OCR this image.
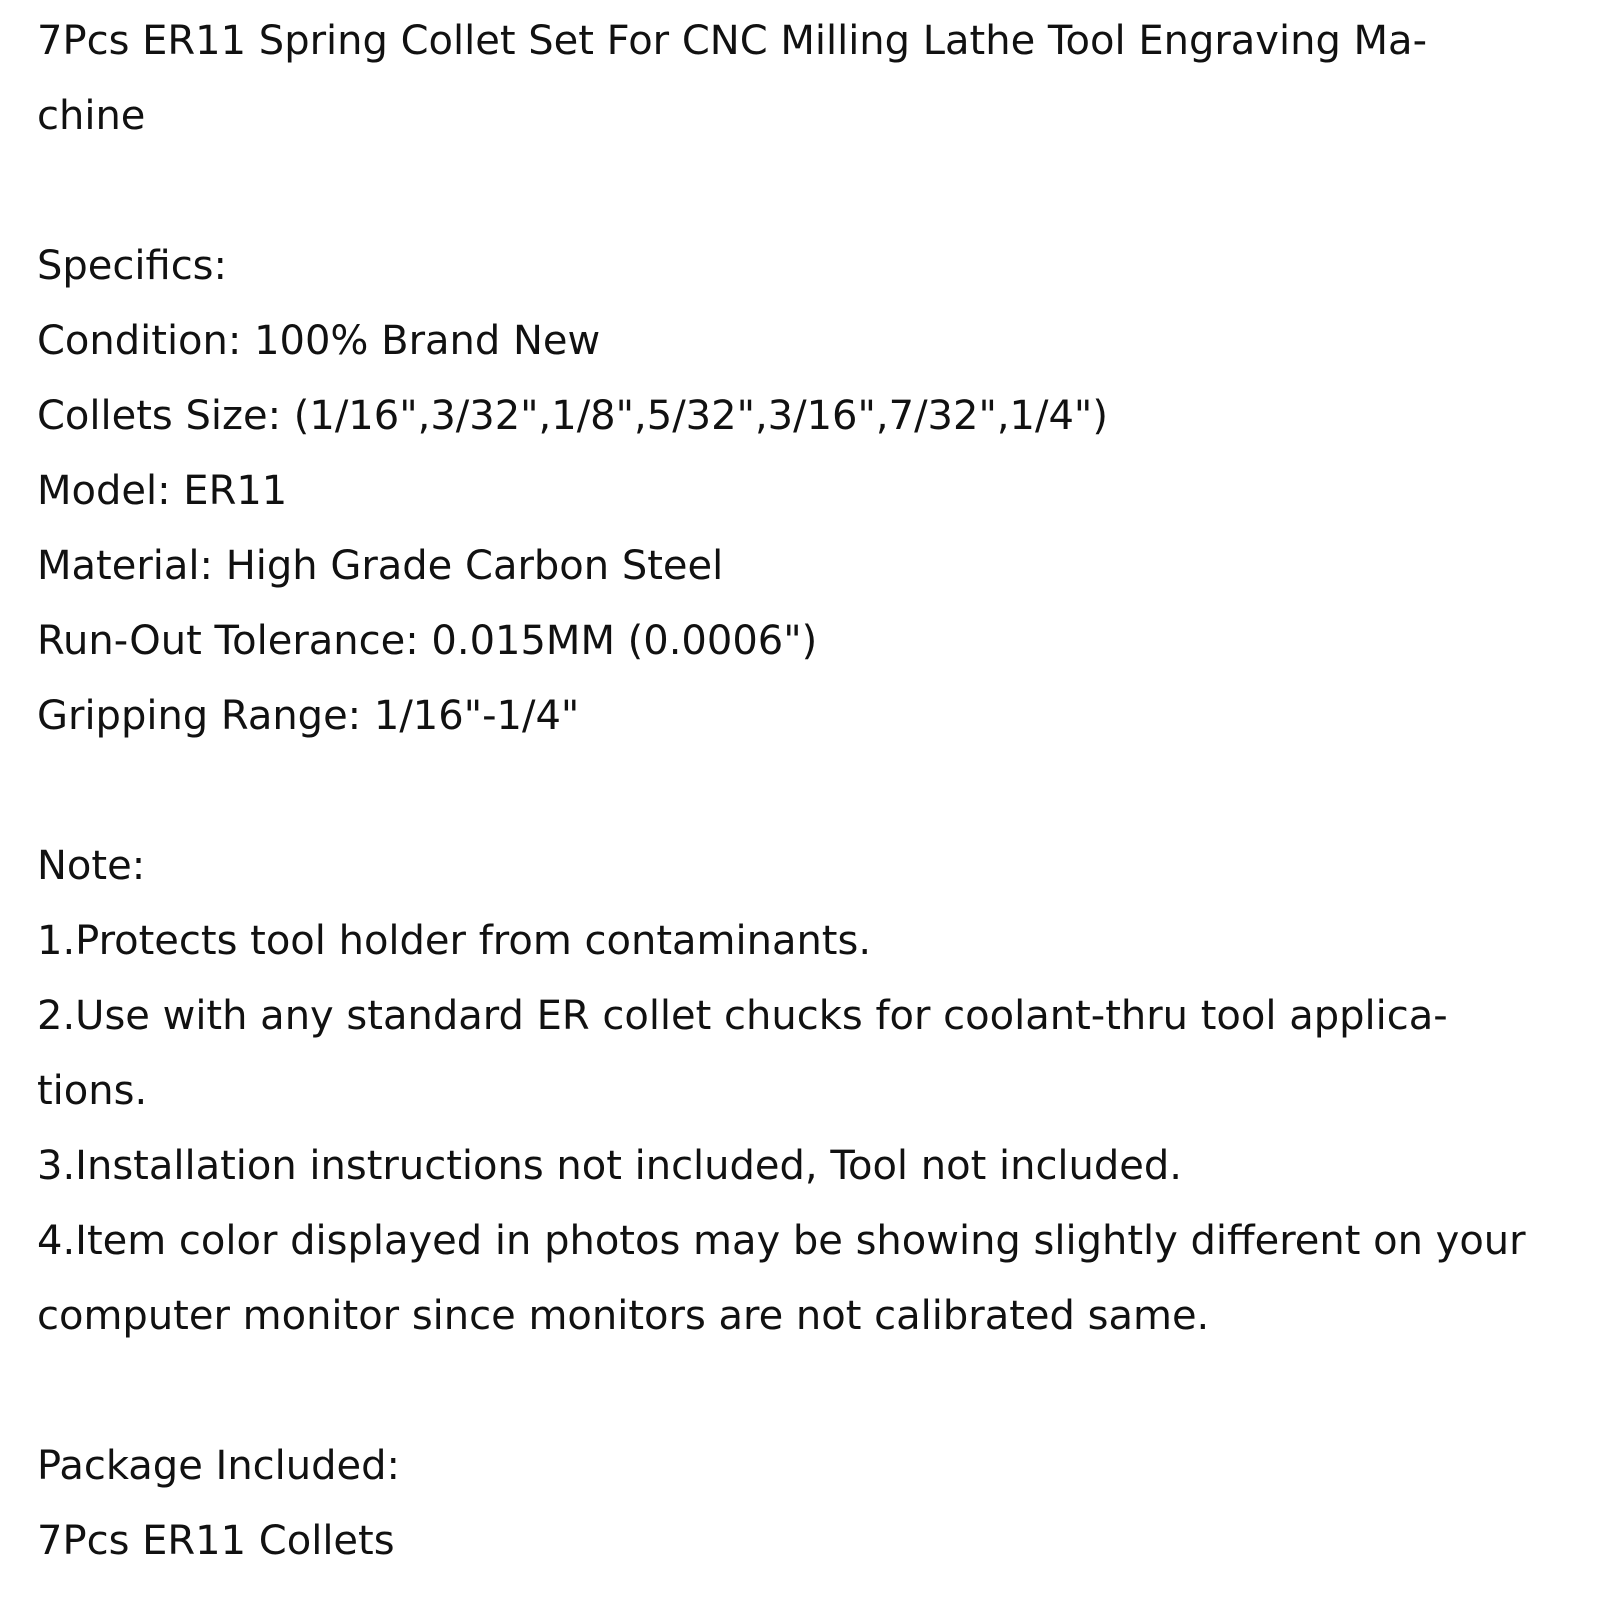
7Pcs ER11 Spring Collet Set For CNC Milling Lathe Tool Engraving Ma-
chine
Specifics:
Condition: 100% Brand New
Collets Size: (1/16",3/32",1/8",5/32",3/16",7/32",1/4")
Model: ER11
Material: High Grade Carbon Steel
Run-Out Tolerance: 0.015MM (0.0006")
Gripping Range: 1/16"-1/4"
Note:
1.Protects tool holder from contaminants.
2.Use with any standard ER collet chucks for coolant-thru tool applica-
tions.
3.Installation instructions not included, Tool not included.
4.Item color displayed in photos may be showing slightly different on your
computer monitor since monitors are not calibrated same.
Package Included:
7Pcs ER11 Collets
